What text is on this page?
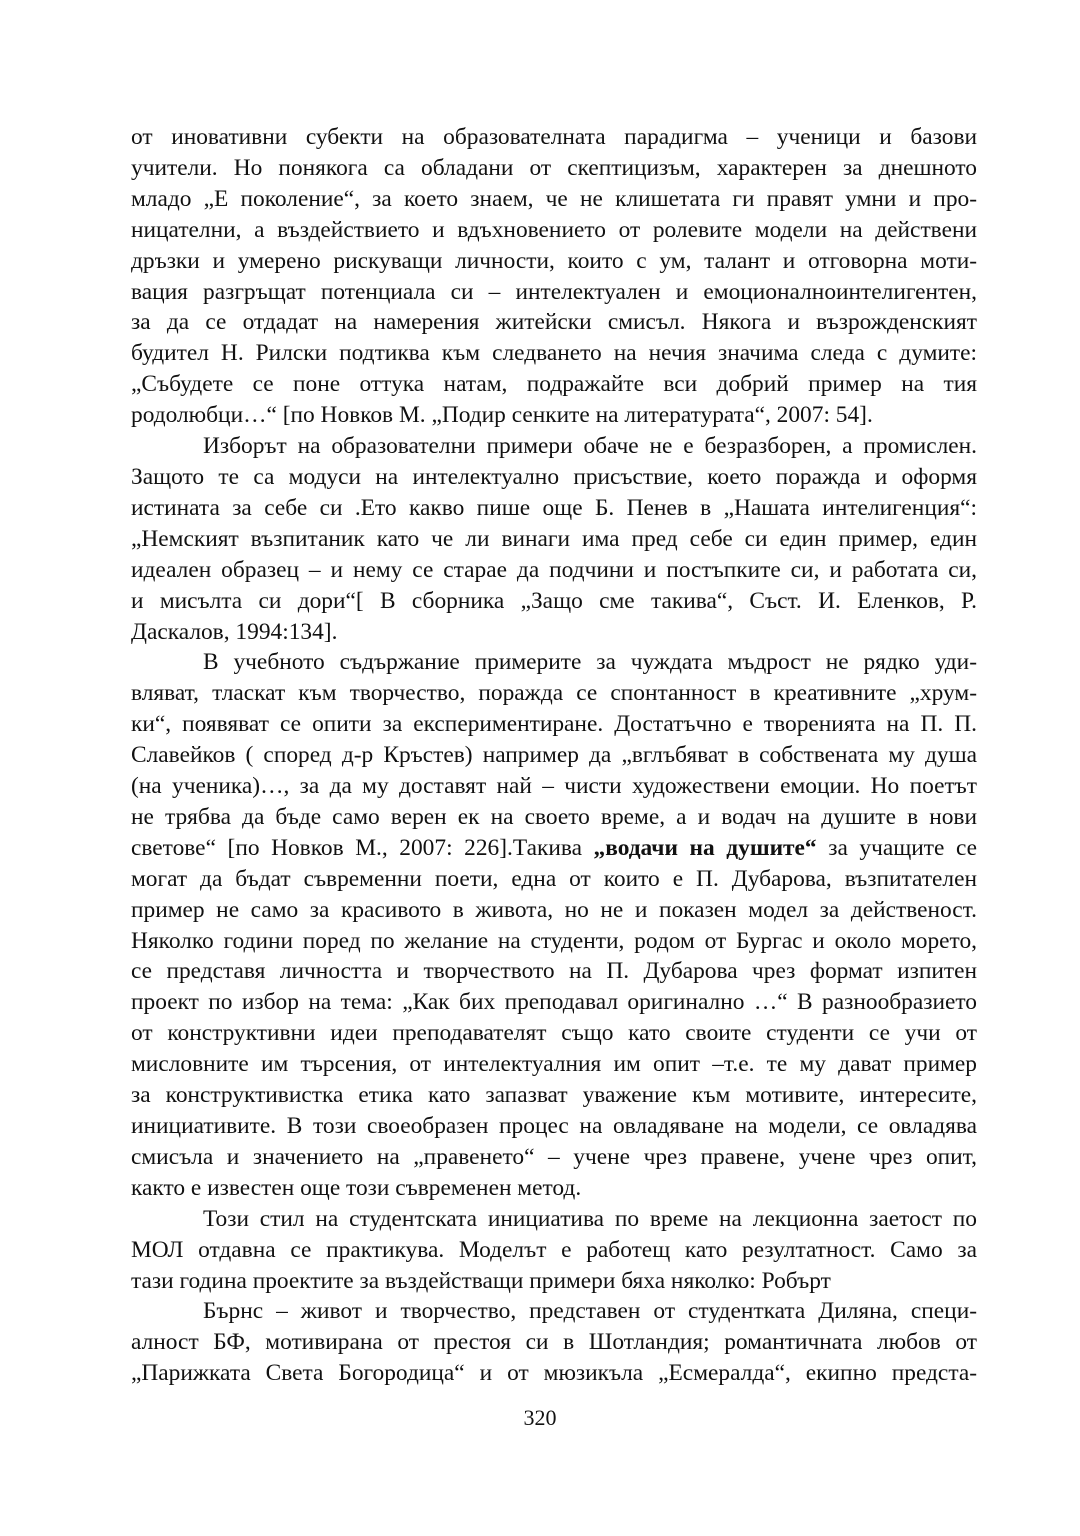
от иновативни субекти на образователната парадигма – ученици и базови

учители. Но понякога са обладани от скептицизъм, характерен за днешното

младо „Е поколение“, за което знаем, че не клишетата ги правят умни и про-

ницателни, а въздействието и вдъхновението от ролевите модели на действени

дръзки и умерено рискуващи личности, които с ум, талант и отговорна моти-

вация разгръщат потенциала си – интелектуален и емоционалноинтелигентен,

за да се отдадат на намерения житейски смисъл. Някога и възрожденският

будител Н. Рилски подтиква към следването на нечия значима следа с думите:

„Събудете се поне оттука натам, подражайте вси добрий пример на тия

родолюбци…“ [по Новков М. „Подир сенките на литературата“, 2007: 54].

Изборът на образователни примери обаче не е безразборен, а промислен.

Защото те са модуси на интелектуално присъствие, което поражда и оформя

истината за себе си .Ето какво пише още Б. Пенев в „Нашата интелигенция“:

„Немският възпитаник като че ли винаги има пред себе си един пример, един

идеален образец – и нему се старае да подчини и постъпките си, и работата си,

и мисълта си дори“[ В сборника „Защо сме такива“, Съст. И. Еленков, Р.

Даскалов, 1994:134].

В учебното съдържание примерите за чуждата мъдрост не рядко уди-

вляват, тласкат към творчество, поражда се спонтанност в креативните „хрум-

ки“, появяват се опити за експериментиране. Достатъчно е творенията на П. П.

Славейков ( според д-р Кръстев) например да „вглъбяват в собствената му душа

(на ученика)…, за да му доставят най – чисти художествени емоции. Но поетът

не трябва да бъде само верен ек на своето време, а и водач на душите в нови

светове“ [по Новков М., 2007: 226].Такива „водачи на душите“ за учащите се

могат да бъдат съвременни поети, една от които е П. Дубарова, възпитателен

пример не само за красивото в живота, но не и показен модел за действеност.

Няколко години поред по желание на студенти, родом от Бургас и около морето,

се представя личността и творчеството на П. Дубарова чрез формат изпитен

проект по избор на тема: „Как бих преподавал оригинално …“ В разнообразието

от конструктивни идеи преподавателят също като своите студенти се учи от

мисловните им търсения, от интелектуалния им опит –т.е. те му дават пример

за конструктивистка етика като запазват уважение към мотивите, интересите,

инициативите. В този своеобразен процес на овладяване на модели, се овладява

смисъла и значението на „правенето“ – учене чрез правене, учене чрез опит,

както е известен още този съвременен метод.

Този стил на студентската инициатива по време на лекционна заетост по

МОЛ отдавна се практикува. Моделът е работещ като резултатност. Само за

тази година проектите за въздействащи примери бяха няколко: Робърт

Бърнс – живот и творчество, представен от студентката Диляна, специ-

алност БФ, мотивирана от престоя си в Шотландия; романтичната любов от

„Парижката Света Богородица“ и от мюзикъла „Есмералда“, екипно предста-

320
